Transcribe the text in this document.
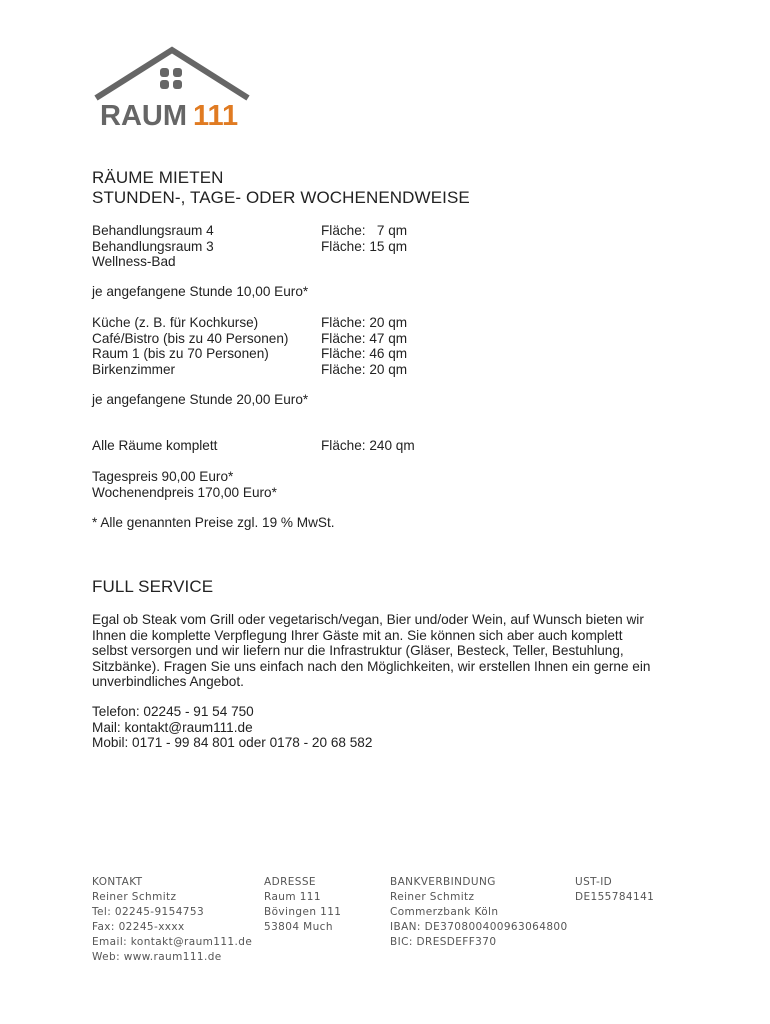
RAUM 111
RÄUME MIETEN
STUNDEN-, TAGE- ODER WOCHENENDWEISE
Behandlungsraum 4	Fläche:   7 qm
Behandlungsraum 3	Fläche: 15 qm
Wellness-Bad
je angefangene Stunde 10,00 Euro*
Küche (z. B. für Kochkurse)	Fläche: 20 qm
Café/Bistro (bis zu 40 Personen) Fläche: 47 qm
Raum 1 (bis zu 70 Personen)	Fläche: 46 qm
Birkenzimmer	Fläche: 20 qm
je angefangene Stunde 20,00 Euro*
Alle Räume komplett	Fläche: 240 qm
Tagespreis 90,00 Euro*
Wochenendpreis 170,00 Euro*
* Alle genannten Preise zgl. 19 % MwSt.
FULL SERVICE
Egal ob Steak vom Grill oder vegetarisch/vegan, Bier und/oder Wein, auf Wunsch bieten wir
Ihnen die komplette Verpflegung Ihrer Gäste mit an. Sie können sich aber auch komplett
selbst versorgen und wir liefern nur die Infrastruktur (Gläser, Besteck, Teller, Bestuhlung,
Sitzbänke). Fragen Sie uns einfach nach den Möglichkeiten, wir erstellen Ihnen ein gerne ein
unverbindliches Angebot.
Telefon: 02245 - 91 54 750
Mail: kontakt@raum111.de
Mobil: 0171 - 99 84 801 oder 0178 - 20 68 582
KONTAKT
Reiner Schmitz
Tel: 02245-9154753
Fax: 02245-xxxx
Email: kontakt@raum111.de
Web: www.raum111.de
ADRESSE
Raum 111
Bövingen 111
53804 Much
BANKVERBINDUNG
Reiner Schmitz
Commerzbank Köln
IBAN: DE37080040096306480​0
BIC: DRESDEFF370
UST-ID
DE155784141
